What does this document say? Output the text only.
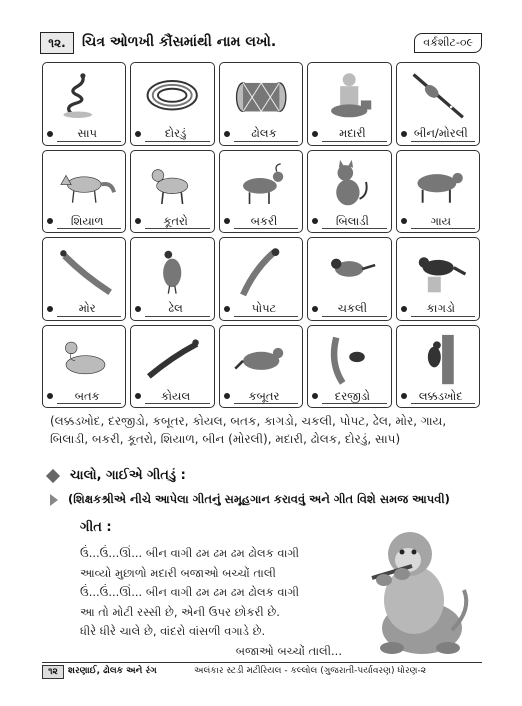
૧૨.	ચિત્ર ઓળખી કૌંસમાંથી નામ લખો.	વર્કશીટ-૦૯
સાપ	દોરડું	ઢોલક	મદારી	બીન/મોરલી
શિયાળ	કૂતરો	બકરી	બિલાડી	ગાય
મોર	ઢેલ	પોપટ	ચકલી	કાગડો
બતક	કોયલ	કબૂતર	દરજીડો	લક્કડખોદ
(લક્કડખોદ, દરજીડો, કબૂતર, કોયલ, બતક, કાગડો, ચકલી, પોપટ, ઢેલ, મોર, ગાય, બિલાડી, બકરી, કૂતરો, શિયાળ, બીન (મોરલી), મદારી, ઢોલક, દોરડું, સાપ)
ચાલો, ગાઈએ ગીતડું :
(શિક્ષકશ્રીએ નીચે આપેલા ગીતનું સમૂહગાન કરાવવું અને ગીત વિશે સમજ આપવી)
ગીત :
ઉં...ઉં...ઊં... બીન વાગી ઢમ ઢમ ઢમ ઢોલક વાગી
આવ્યો મુછાળો મદારી બજાઓ બચ્ચોં તાલી
ઉં...ઉં...ઊં... બીન વાગી ઢમ ઢમ ઢમ ઢોલક વાગી
આ તો મોટી રસ્સી છે, એની ઉપર છોકરી છે.
ધીરે ધીરે ચાલે છે, વાંદરો વાંસળી વગાડે છે.
બજાઓ બચ્ચોં તાલી...
૧૨	શરણાઈ, ઢોલક અને રંગ	અલંકાર સ્ટડી મટીરિયલ - કલ્લોલ (ગુજરાતી-પર્યાવરણ) ધોરણ-૨
